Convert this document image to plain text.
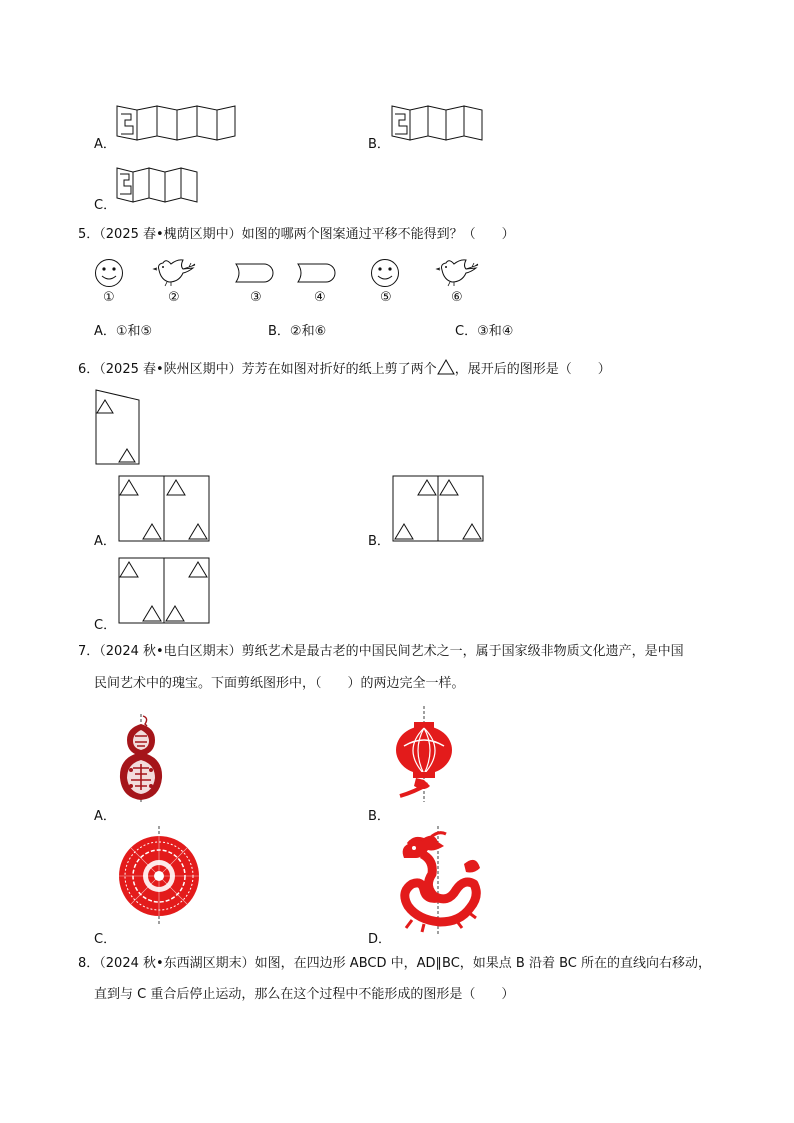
A．	B．
C．
5．（2025 春•槐荫区期中）如图的哪两个图案通过平移不能得到？（　　）
①	②	③	④	⑤	⑥
A．①和⑤	B．②和⑥	C．③和④
6．（2025 春•陕州区期中）芳芳在如图对折好的纸上剪了两个 ，展开后的图形是（　　）
A．	B．
C．
7．（2024 秋•电白区期末）剪纸艺术是最古老的中国民间艺术之一，属于国家级非物质文化遗产，是中国
民间艺术中的瑰宝。下面剪纸图形中，（　　）的两边完全一样。
A．	B．
C．	D．
8．（2024 秋•东西湖区期末）如图，在四边形 ABCD 中，AD∥BC，如果点 B 沿着 BC 所在的直线向右移动，
直到与 C 重合后停止运动，那么在这个过程中不能形成的图形是（　　）
